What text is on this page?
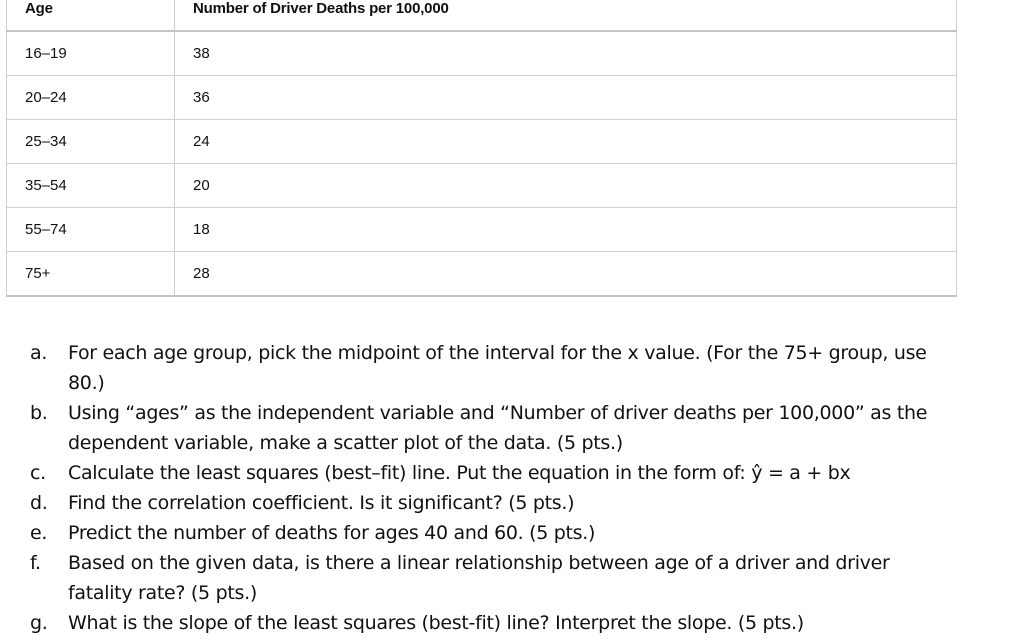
Age	Number of Driver Deaths per 100,000
16–19	38
20–24	36
25–34	24
35–54	20
55–74	18
75+	28
a.	For each age group, pick the midpoint of the interval for the x value. (For the 75+ group, use 80.)
b.	Using “ages” as the independent variable and “Number of driver deaths per 100,000” as the dependent variable, make a scatter plot of the data. (5 pts.)
c.	Calculate the least squares (best–fit) line. Put the equation in the form of: ŷ = a + bx
d.	Find the correlation coefficient. Is it significant? (5 pts.)
e.	Predict the number of deaths for ages 40 and 60. (5 pts.)
f.	Based on the given data, is there a linear relationship between age of a driver and driver fatality rate? (5 pts.)
g.	What is the slope of the least squares (best-fit) line? Interpret the slope. (5 pts.)
